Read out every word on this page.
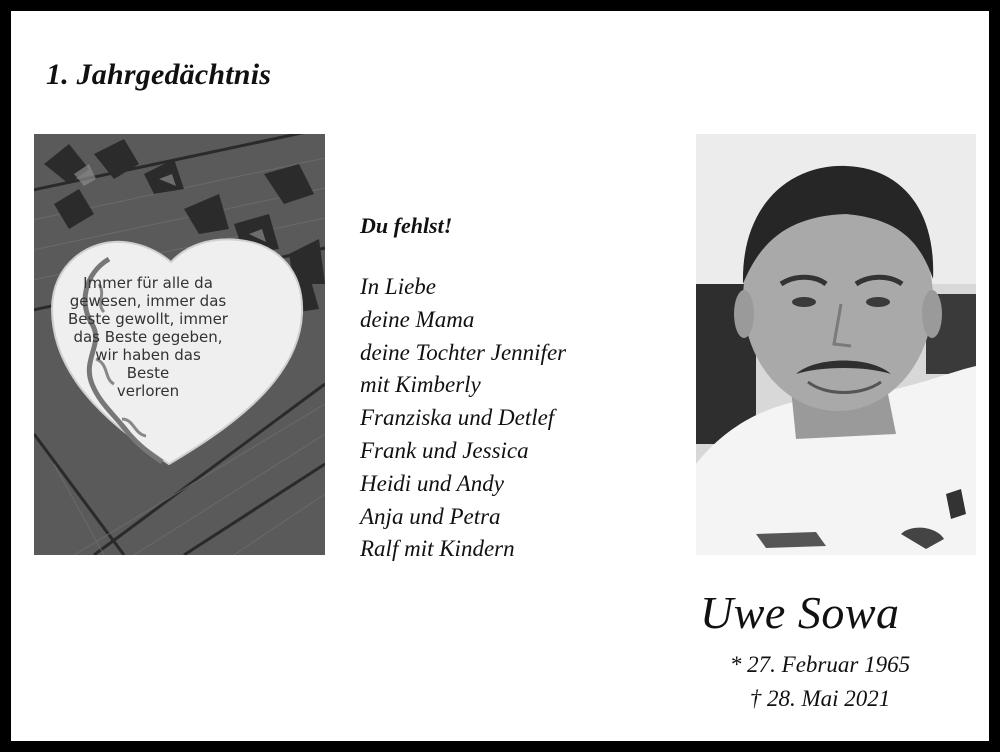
1. Jahrgedächtnis
Immer für alle da
gewesen, immer das
Beste gewollt, immer
das Beste gegeben,
wir haben das
Beste
verloren
Du fehlst!
In Liebe
deine Mama
deine Tochter Jennifer
mit Kimberly
Franziska und Detlef
Frank und Jessica
Heidi und Andy
Anja und Petra
Ralf mit Kindern
Uwe Sowa
* 27. Februar 1965
† 28. Mai 2021
